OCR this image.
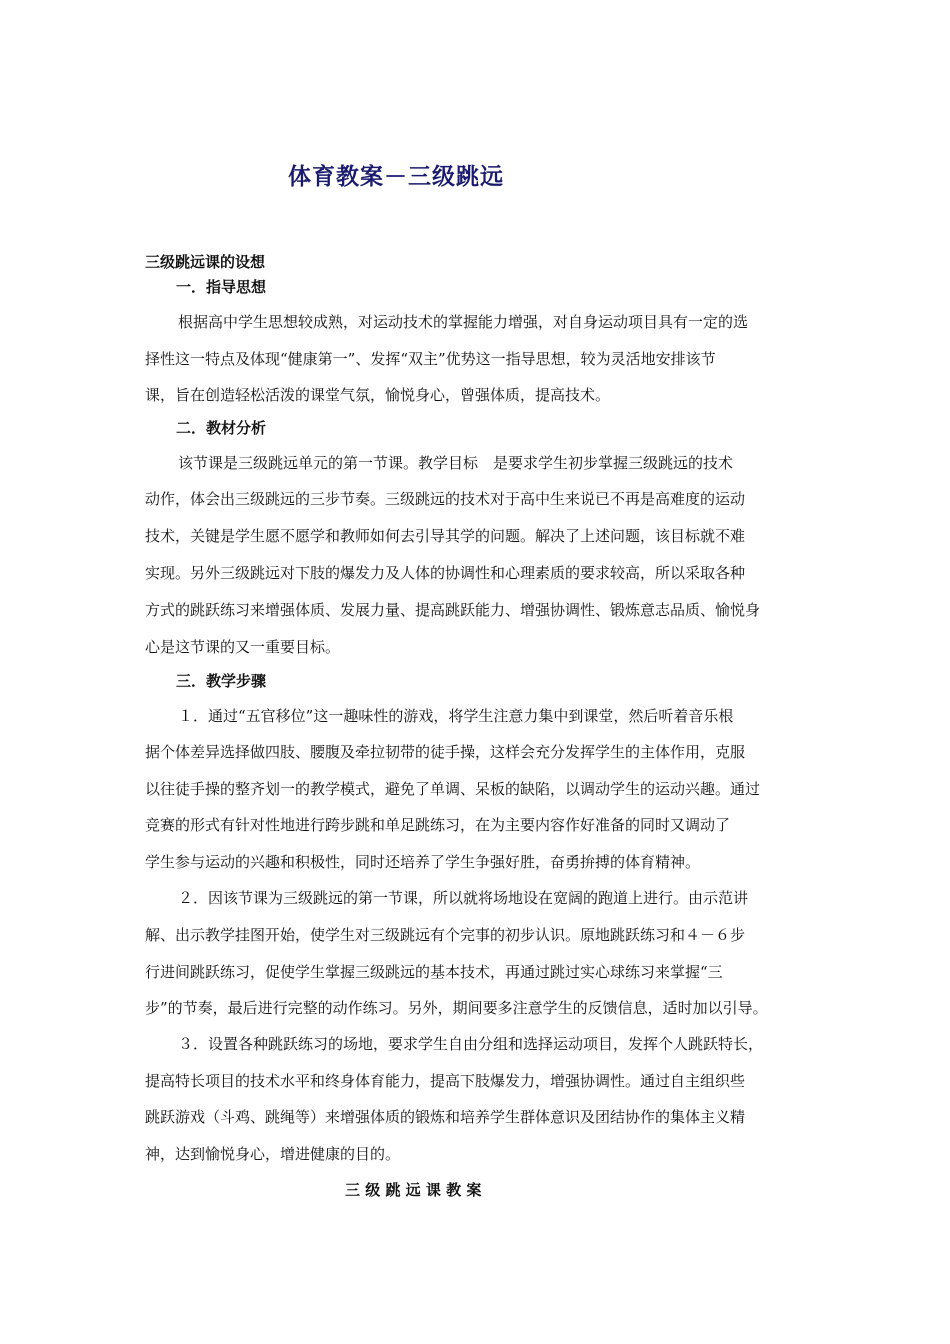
体育教案－三级跳远
三级跳远课的设想
一．指导思想
根据高中学生思想较成熟，对运动技术的掌握能力增强，对自身运动项目具有一定的选
择性这一特点及体现“健康第一”、发挥“双主”优势这一指导思想，较为灵活地安排该节
课，旨在创造轻松活泼的课堂气氛，愉悦身心，曾强体质，提高技术。
二．教材分析
该节课是三级跳远单元的第一节课。教学目标　是要求学生初步掌握三级跳远的技术
动作，体会出三级跳远的三步节奏。三级跳远的技术对于高中生来说已不再是高难度的运动
技术，关键是学生愿不愿学和教师如何去引导其学的问题。解决了上述问题，该目标就不难
实现。另外三级跳远对下肢的爆发力及人体的协调性和心理素质的要求较高，所以采取各种
方式的跳跃练习来增强体质、发展力量、提高跳跃能力、增强协调性、锻炼意志品质、愉悦身
心是这节课的又一重要目标。
三．教学步骤
１．通过“五官移位”这一趣味性的游戏，将学生注意力集中到课堂，然后听着音乐根
据个体差异选择做四肢、腰腹及牵拉韧带的徒手操，这样会充分发挥学生的主体作用，克服
以往徒手操的整齐划一的教学模式，避免了单调、呆板的缺陷，以调动学生的运动兴趣。通过
竞赛的形式有针对性地进行跨步跳和单足跳练习，在为主要内容作好准备的同时又调动了
学生参与运动的兴趣和积极性，同时还培养了学生争强好胜，奋勇拚搏的体育精神。
２．因该节课为三级跳远的第一节课，所以就将场地设在宽阔的跑道上进行。由示范讲
解、出示教学挂图开始，使学生对三级跳远有个完事的初步认识。原地跳跃练习和４－６步
行进间跳跃练习，促使学生掌握三级跳远的基本技术，再通过跳过实心球练习来掌握“三
步”的节奏，最后进行完整的动作练习。另外，期间要多注意学生的反馈信息，适时加以引导。
３．设置各种跳跃练习的场地，要求学生自由分组和选择运动项目，发挥个人跳跃特长，
提高特长项目的技术水平和终身体育能力，提高下肢爆发力，增强协调性。通过自主组织些
跳跃游戏（斗鸡、跳绳等）来增强体质的锻炼和培养学生群体意识及团结协作的集体主义精
神，达到愉悦身心，增进健康的目的。
三 级 跳 远 课 教 案
